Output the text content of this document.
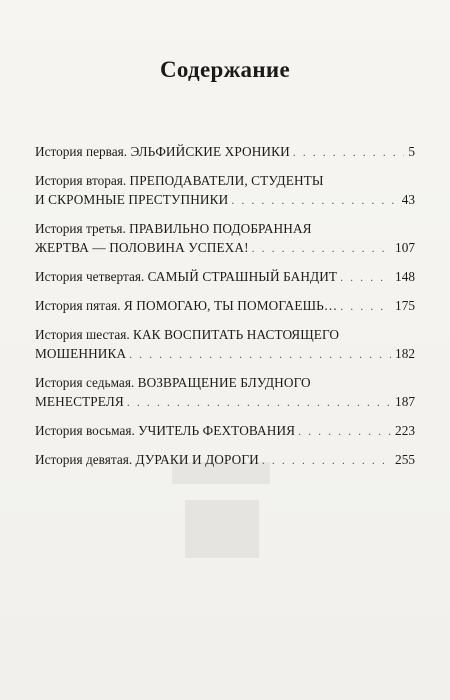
Содержание
История первая. ЭЛЬФИЙСКИЕ ХРОНИКИ . . .	5
История вторая. ПРЕПОДАВАТЕЛИ, СТУДЕНТЫ
И СКРОМНЫЕ ПРЕСТУПНИКИ . . .	43
История третья. ПРАВИЛЬНО ПОДОБРАННАЯ
ЖЕРТВА — ПОЛОВИНА УСПЕХА! . . .	107
История четвертая. САМЫЙ СТРАШНЫЙ БАНДИТ . . .	148
История пятая. Я ПОМОГАЮ, ТЫ ПОМОГАЕШЬ… . . .	175
История шестая. КАК ВОСПИТАТЬ НАСТОЯЩЕГО
МОШЕННИКА . . .	182
История седьмая. ВОЗВРАЩЕНИЕ БЛУДНОГО
МЕНЕСТРЕЛЯ . . .	187
История восьмая. УЧИТЕЛЬ ФЕХТОВАНИЯ . . .	223
История девятая. ДУРАКИ И ДОРОГИ . . .	255
